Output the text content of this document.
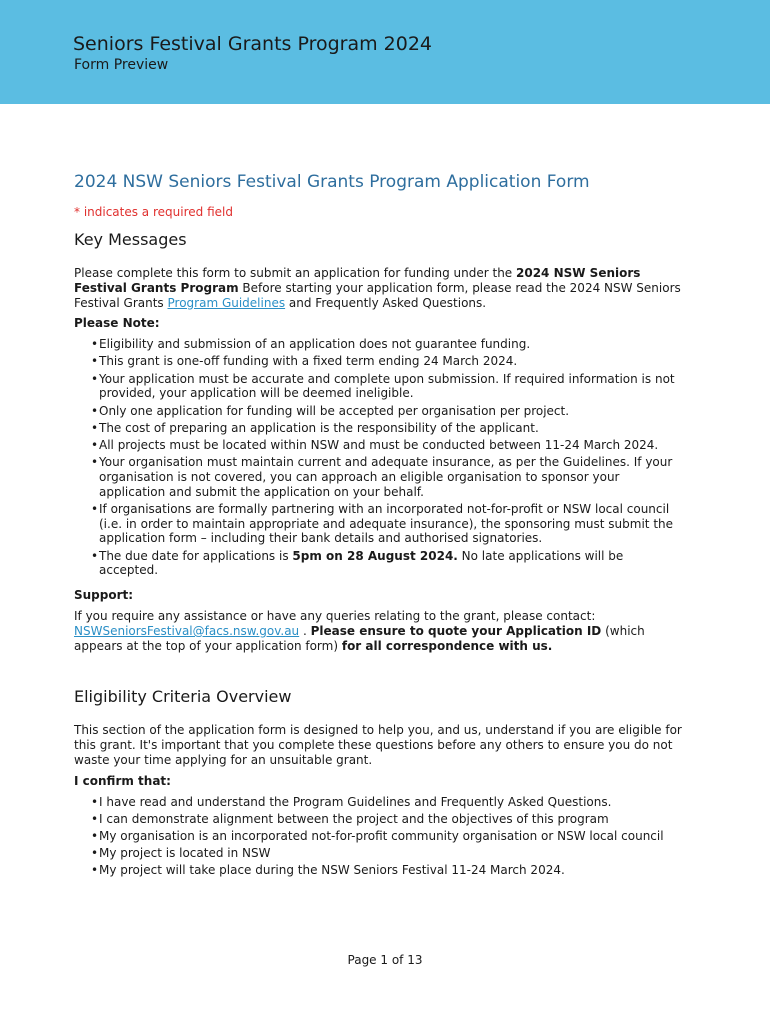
Seniors Festival Grants Program 2024
Form Preview
2024 NSW Seniors Festival Grants Program Application Form
* indicates a required field
Key Messages

Please complete this form to submit an application for funding under the 2024 NSW Seniors Festival Grants Program Before starting your application form, please read the 2024 NSW Seniors Festival Grants Program Guidelines and Frequently Asked Questions.

Please Note:

• Eligibility and submission of an application does not guarantee funding.
• This grant is one-off funding with a fixed term ending 24 March 2024.
• Your application must be accurate and complete upon submission. If required information is not provided, your application will be deemed ineligible.
• Only one application for funding will be accepted per organisation per project.
• The cost of preparing an application is the responsibility of the applicant.
• All projects must be located within NSW and must be conducted between 11-24 March 2024.
• Your organisation must maintain current and adequate insurance, as per the Guidelines. If your organisation is not covered, you can approach an eligible organisation to sponsor your application and submit the application on your behalf.
• If organisations are formally partnering with an incorporated not-for-profit or NSW local council (i.e. in order to maintain appropriate and adequate insurance), the sponsoring must submit the application form – including their bank details and authorised signatories.
• The due date for applications is 5pm on 28 August 2024. No late applications will be accepted.

Support:

If you require any assistance or have any queries relating to the grant, please contact: NSWSeniorsFestival@facs.nsw.gov.au . Please ensure to quote your Application ID (which appears at the top of your application form) for all correspondence with us.

Eligibility Criteria Overview

This section of the application form is designed to help you, and us, understand if you are eligible for this grant. It's important that you complete these questions before any others to ensure you do not waste your time applying for an unsuitable grant.

I confirm that:

• I have read and understand the Program Guidelines and Frequently Asked Questions.
• I can demonstrate alignment between the project and the objectives of this program
• My organisation is an incorporated not-for-profit community organisation or NSW local council
• My project is located in NSW
• My project will take place during the NSW Seniors Festival 11-24 March 2024.
Page 1 of 13
